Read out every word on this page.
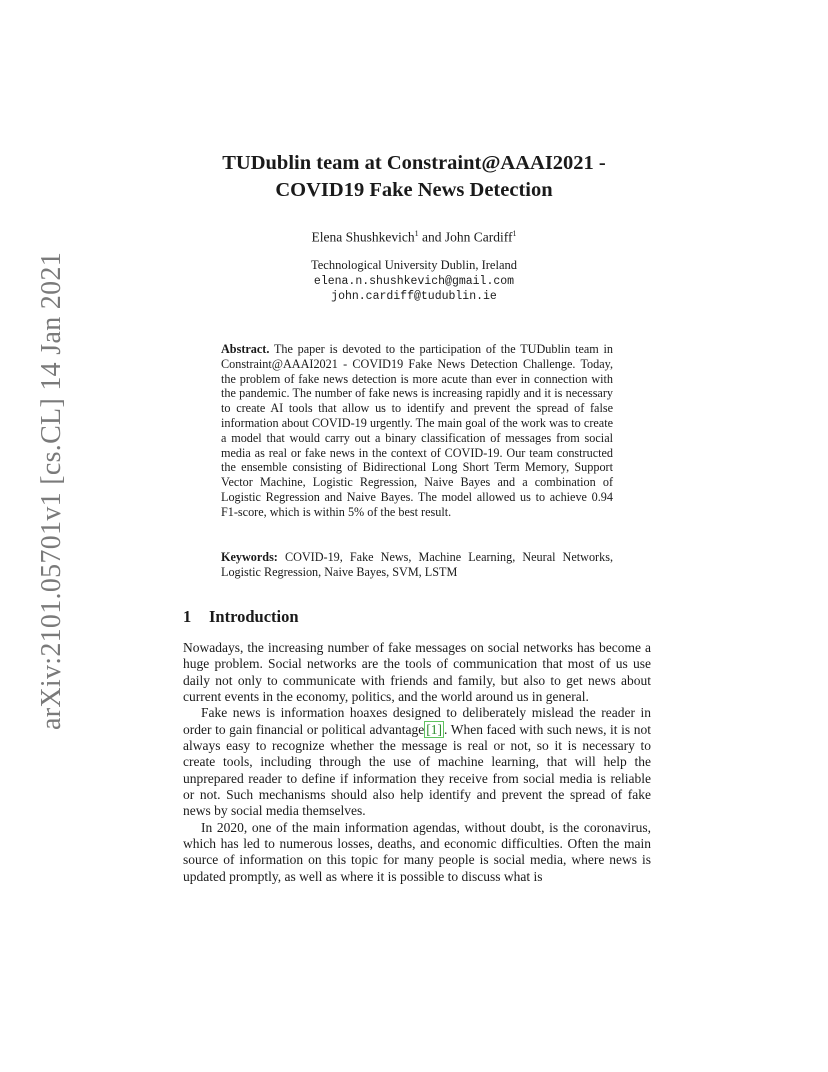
arXiv:2101.05701v1 [cs.CL] 14 Jan 2021
TUDublin team at Constraint@AAAI2021 -
COVID19 Fake News Detection
Elena Shushkevich$^1$ and John Cardiff$^1$
Technological University Dublin, Ireland
elena.n.shushkevich@gmail.com
john.cardiff@tudublin.ie
Abstract. The paper is devoted to the participation of the TUDublin team in Constraint@AAAI2021 - COVID19 Fake News Detection Challenge. Today, the problem of fake news detection is more acute than ever in connection with the pandemic. The number of fake news is increasing rapidly and it is necessary to create AI tools that allow us to identify and prevent the spread of false information about COVID-19 urgently. The main goal of the work was to create a model that would carry out a binary classification of messages from social media as real or fake news in the context of COVID-19. Our team constructed the ensemble consisting of Bidirectional Long Short Term Memory, Support Vector Machine, Logistic Regression, Naive Bayes and a combination of Logistic Regression and Naive Bayes. The model allowed us to achieve 0.94 F1-score, which is within 5% of the best result.
Keywords: COVID-19, Fake News, Machine Learning, Neural Networks, Logistic Regression, Naive Bayes, SVM, LSTM
1 Introduction

Nowadays, the increasing number of fake messages on social networks has become a huge problem. Social networks are the tools of communication that most of us use daily not only to communicate with friends and family, but also to get news about current events in the economy, politics, and the world around us in general.

Fake news is information hoaxes designed to deliberately mislead the reader in order to gain financial or political advantage [1] . When faced with such news, it is not always easy to recognize whether the message is real or not, so it is necessary to create tools, including through the use of machine learning, that will help the unprepared reader to define if information they receive from social media is reliable or not. Such mechanisms should also help identify and prevent the spread of fake news by social media themselves.

In 2020, one of the main information agendas, without doubt, is the coronavirus, which has led to numerous losses, deaths, and economic difficulties. Often the main source of information on this topic for many people is social media, where news is updated promptly, as well as where it is possible to discuss what is
